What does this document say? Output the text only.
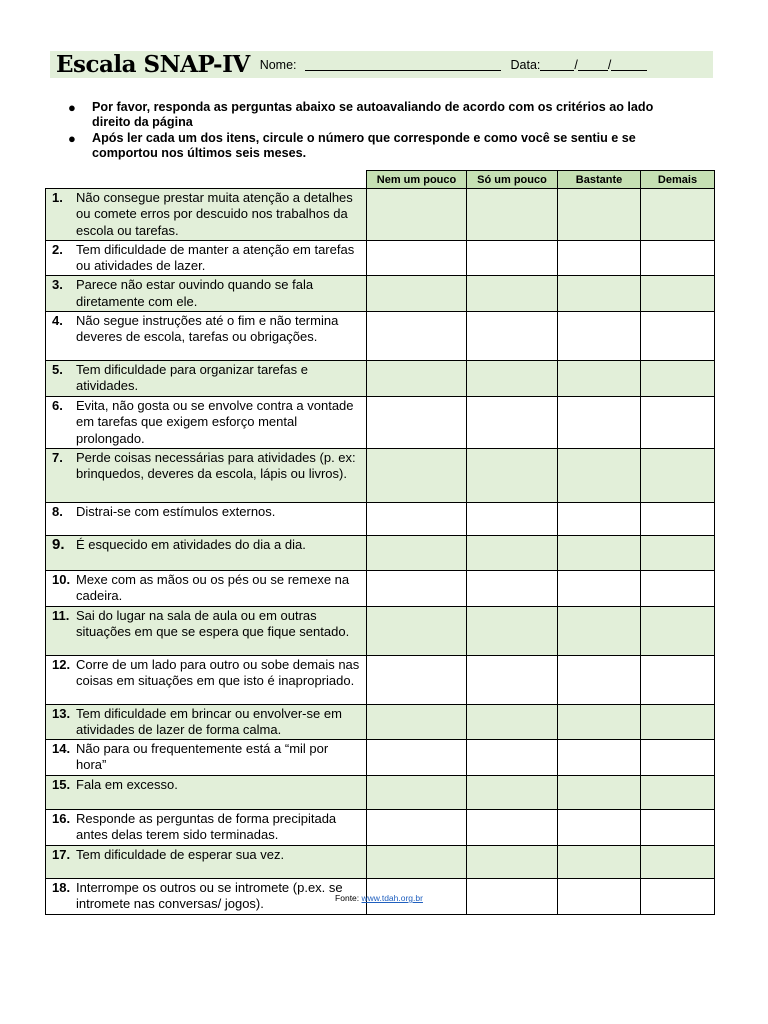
Escala SNAP-IV Nome:	Data:	/ /
● Por favor, responda as perguntas abaixo se autoavaliando de acordo com os critérios ao lado direito da página
● Após ler cada um dos itens, circule o número que corresponde e como você se sentiu e se comportou nos últimos seis meses.
	Nem um pouco	Só um pouco	Bastante	Demais
1. Não consegue prestar muita atenção a detalhes ou comete erros por descuido nos trabalhos da escola ou tarefas.				
2. Tem dificuldade de manter a atenção em tarefas ou atividades de lazer.				
3. Parece não estar ouvindo quando se fala diretamente com ele.				
4. Não segue instruções até o fim e não termina deveres de escola, tarefas ou obrigações.				
5. Tem dificuldade para organizar tarefas e atividades.				
6. Evita, não gosta ou se envolve contra a vontade em tarefas que exigem esforço mental prolongado.				
7. Perde coisas necessárias para atividades (p. ex: brinquedos, deveres da escola, lápis ou livros).				
8. Distrai-se com estímulos externos.				
9. É esquecido em atividades do dia a dia.				
10. Mexe com as mãos ou os pés ou se remexe na cadeira.				
11. Sai do lugar na sala de aula ou em outras situações em que se espera que fique sentado.				
12. Corre de um lado para outro ou sobe demais nas coisas em situações em que isto é inapropriado.				
13. Tem dificuldade em brincar ou envolver-se em atividades de lazer de forma calma.				
14. Não para ou frequentemente está a “mil por hora”				
15. Fala em excesso.				
16. Responde as perguntas de forma precipitada antes delas terem sido terminadas.				
17. Tem dificuldade de esperar sua vez.				
18. Interrompe os outros ou se intromete (p.ex. se intromete nas conversas/ jogos).					Fonte: www.tdah.org.br
